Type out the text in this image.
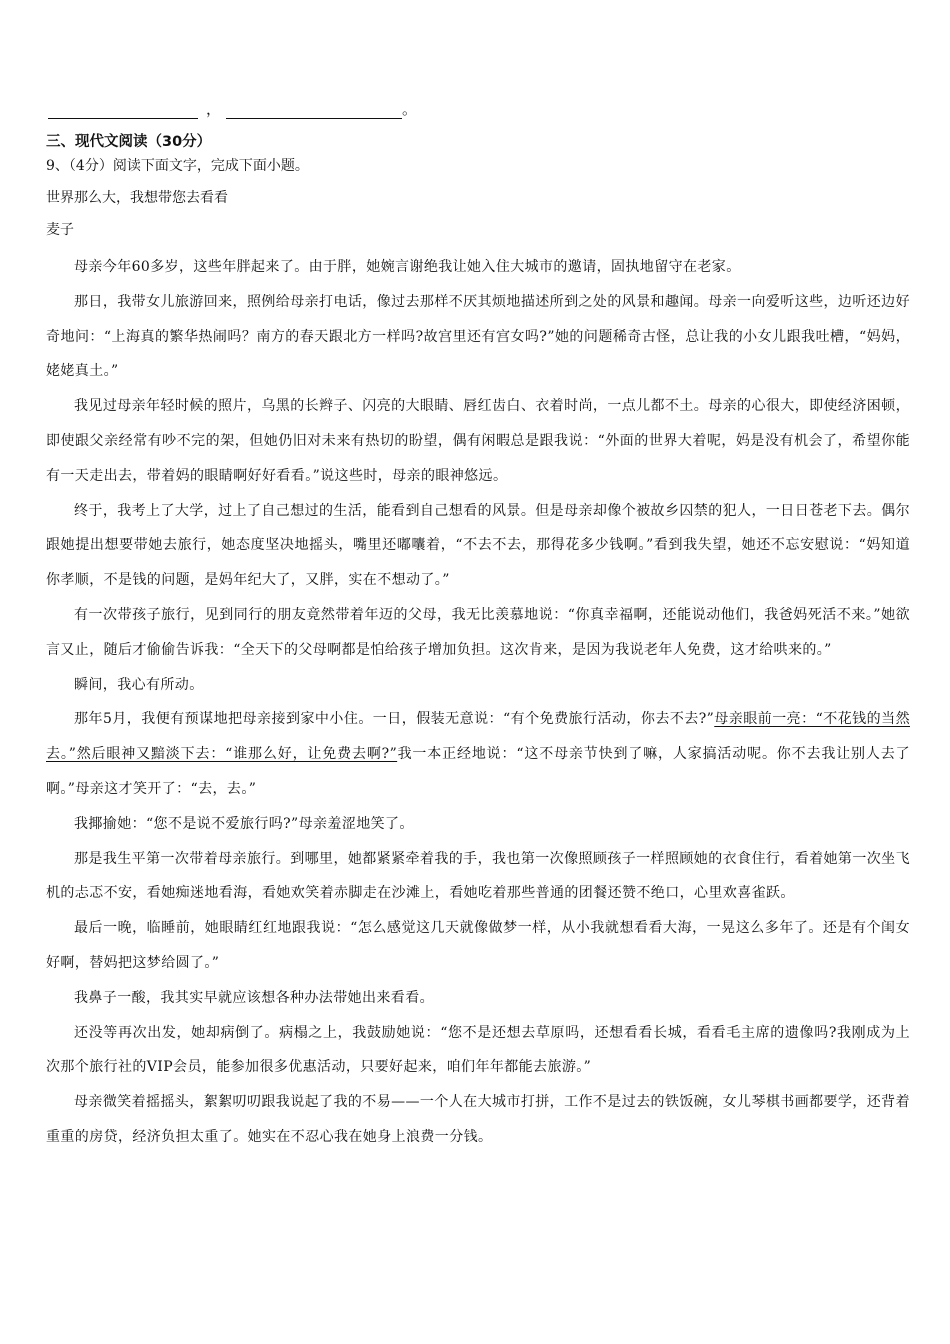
，	。
三、现代文阅读（30分）
9、（4分）阅读下面文字，完成下面小题。
世界那么大，我想带您去看看
麦子

母亲今年60多岁，这些年胖起来了。由于胖，她婉言谢绝我让她入住大城市的邀请，固执地留守在老家。

那日，我带女儿旅游回来，照例给母亲打电话，像过去那样不厌其烦地描述所到之处的风景和趣闻。母亲一向爱听这些，边听还边好奇地问：“上海真的繁华热闹吗？南方的春天跟北方一样吗?故宫里还有宫女吗?”她的问题稀奇古怪，总让我的小女儿跟我吐槽，“妈妈，姥姥真土。”

我见过母亲年轻时候的照片，乌黑的长辫子、闪亮的大眼睛、唇红齿白、衣着时尚，一点儿都不土。母亲的心很大，即使经济困顿，即使跟父亲经常有吵不完的架，但她仍旧对未来有热切的盼望，偶有闲暇总是跟我说：“外面的世界大着呢，妈是没有机会了，希望你能有一天走出去，带着妈的眼睛啊好好看看。”说这些时，母亲的眼神悠远。

终于，我考上了大学，过上了自己想过的生活，能看到自己想看的风景。但是母亲却像个被故乡囚禁的犯人，一日日苍老下去。偶尔跟她提出想要带她去旅行，她态度坚决地摇头，嘴里还嘟囔着，“不去不去，那得花多少钱啊。”看到我失望，她还不忘安慰说：“妈知道你孝顺，不是钱的问题，是妈年纪大了，又胖，实在不想动了。”

有一次带孩子旅行，见到同行的朋友竟然带着年迈的父母，我无比羡慕地说：“你真幸福啊，还能说动他们，我爸妈死活不来。”她欲言又止，随后才偷偷告诉我：“全天下的父母啊都是怕给孩子增加负担。这次肯来，是因为我说老年人免费，这才给哄来的。”

瞬间，我心有所动。

那年5月，我便有预谋地把母亲接到家中小住。一日，假装无意说：“有个免费旅行活动，你去不去?”母亲眼前一亮：“不花钱的当然去。”然后眼神又黯淡下去：“谁那么好，让免费去啊?”我一本正经地说：“这不母亲节快到了嘛，人家搞活动呢。你不去我让别人去了啊。”母亲这才笑开了：“去，去。”

我揶揄她：“您不是说不爱旅行吗?”母亲羞涩地笑了。

那是我生平第一次带着母亲旅行。到哪里，她都紧紧牵着我的手，我也第一次像照顾孩子一样照顾她的衣食住行，看着她第一次坐飞机的忐忑不安，看她痴迷地看海，看她欢笑着赤脚走在沙滩上，看她吃着那些普通的团餐还赞不绝口，心里欢喜雀跃。

最后一晚，临睡前，她眼睛红红地跟我说：“怎么感觉这几天就像做梦一样，从小我就想看看大海，一晃这么多年了。还是有个闺女好啊，替妈把这梦给圆了。”

我鼻子一酸，我其实早就应该想各种办法带她出来看看。

还没等再次出发，她却病倒了。病榻之上，我鼓励她说：“您不是还想去草原吗，还想看看长城，看看毛主席的遗像吗?我刚成为上次那个旅行社的VIP会员，能参加很多优惠活动，只要好起来，咱们年年都能去旅游。”

母亲微笑着摇摇头，絮絮叨叨跟我说起了我的不易——一个人在大城市打拼，工作不是过去的铁饭碗，女儿琴棋书画都要学，还背着重重的房贷，经济负担太重了。她实在不忍心我在她身上浪费一分钱。
